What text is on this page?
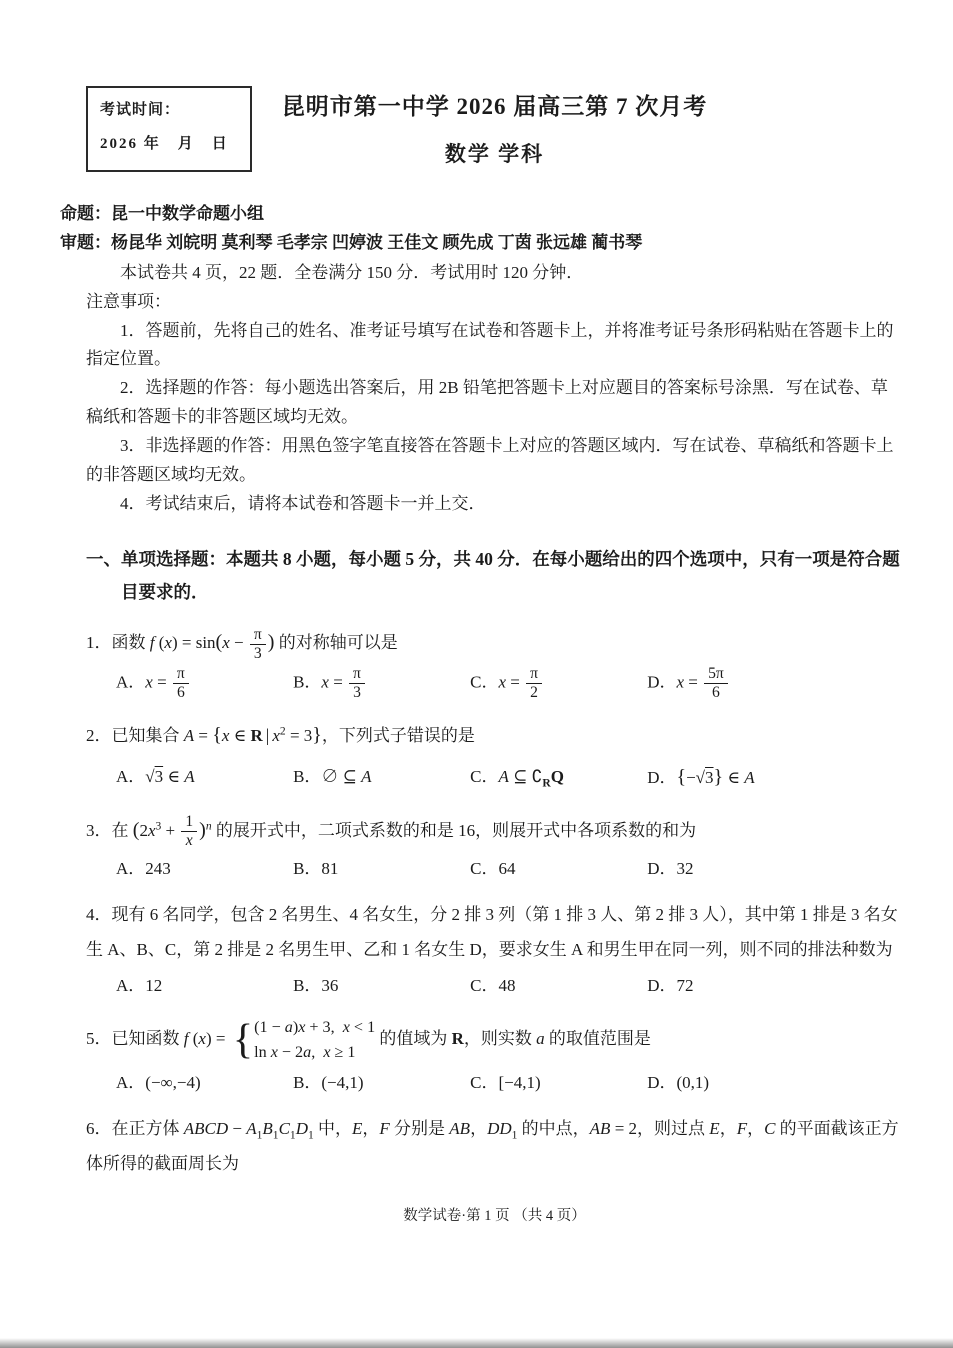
考试时间：
2026 年　月　日
昆明市第一中学 2026 届高三第 7 次月考
数学 学科
命题：昆一中数学命题小组
审题：杨昆华 刘皖明 莫利琴 毛孝宗 凹婷波 王佳文 顾先成 丁茵 张远雄 蔺书琴
本试卷共 4 页，22 题．全卷满分 150 分．考试用时 120 分钟．
注意事项：

1．答题前，先将自己的姓名、准考证号填写在试卷和答题卡上，并将准考证号条形码粘贴在答题卡上的指定位置。

2．选择题的作答：每小题选出答案后，用 2B 铅笔把答题卡上对应题目的答案标号涂黑．写在试卷、草稿纸和答题卡的非答题区域均无效。

3．非选择题的作答：用黑色签字笔直接答在答题卡上对应的答题区域内．写在试卷、草稿纸和答题卡上的非答题区域均无效。

4．考试结束后，请将本试卷和答题卡一并上交．

一、单项选择题：本题共 8 小题，每小题 5 分，共 40 分．在每小题给出的四个选项中，只有一项是符合题目要求的．
1．函数 f $(x) = \sin(x - \frac{\pi}{3}$ ) 的对称轴可以是
A．$x = \frac{\pi}{6}$	B．$x = \frac{\pi}{3}$	C．$x = \frac{\pi}{2}$	D．$x = \frac{5\pi}{6}$
2．已知集合 A = {x ∈ R | $x^2 = 3$}，下列式子错误的是
A．√3 ∈ A	B．∅ ⊆ A	C．A ⊆ $∁_RQ$	D．{−√3} ∈ A
3．在 $(2x^3 + \frac{1}{x} )^n$ 的展开式中，二项式系数的和是 16，则展开式中各项系数的和为
A．243	B．81	C．64	D．32
4．现有 6 名同学，包含 2 名男生、4 名女生，分 2 排 3 列（第 1 排 3 人、第 2 排 3 人），其中第 1 排是 3 名女生 A、B、C，第 2 排是 2 名男生甲、乙和 1 名女生 D，要求女生 A 和男生甲在同一列，则不同的排法种数为
A．12	B．36	C．48	D．72
5．已知函数 f (x) = { (1 − a)x + 3,  x < 1
ln x − 2a,  x ≥ 1
的值域为 R，则实数 a 的取值范围是
A．(−∞,−4)	B．(−4,1)	C．[−4,1)	D．(0,1)
6．在正方体 ABCD − $A_1B_1C_1D_1$ 中，E，F 分别是 AB，$DD_1$ 的中点，AB = 2，则过点 E，F，C 的平面截该正方体所得的截面周长为
数学试卷·第 1 页 （共 4 页）
